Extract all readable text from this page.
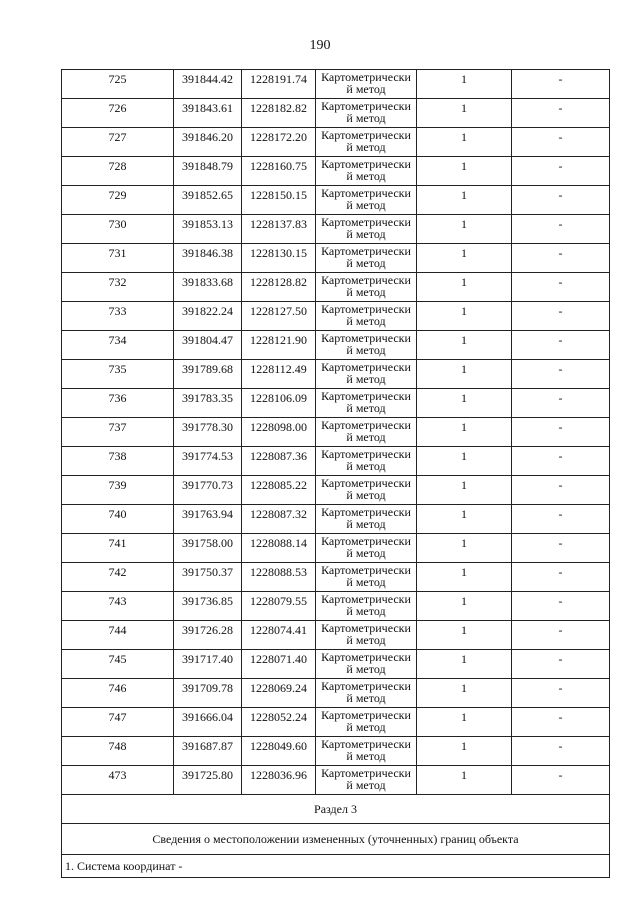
190
725	391844.42	1228191.74	Картометрический метод	1	-
726	391843.61	1228182.82	Картометрический метод	1	-
727	391846.20	1228172.20	Картометрический метод	1	-
728	391848.79	1228160.75	Картометрический метод	1	-
729	391852.65	1228150.15	Картометрический метод	1	-
730	391853.13	1228137.83	Картометрический метод	1	-
731	391846.38	1228130.15	Картометрический метод	1	-
732	391833.68	1228128.82	Картометрический метод	1	-
733	391822.24	1228127.50	Картометрический метод	1	-
734	391804.47	1228121.90	Картометрический метод	1	-
735	391789.68	1228112.49	Картометрический метод	1	-
736	391783.35	1228106.09	Картометрический метод	1	-
737	391778.30	1228098.00	Картометрический метод	1	-
738	391774.53	1228087.36	Картометрический метод	1	-
739	391770.73	1228085.22	Картометрический метод	1	-
740	391763.94	1228087.32	Картометрический метод	1	-
741	391758.00	1228088.14	Картометрический метод	1	-
742	391750.37	1228088.53	Картометрический метод	1	-
743	391736.85	1228079.55	Картометрический метод	1	-
744	391726.28	1228074.41	Картометрический метод	1	-
745	391717.40	1228071.40	Картометрический метод	1	-
746	391709.78	1228069.24	Картометрический метод	1	-
747	391666.04	1228052.24	Картометрический метод	1	-
748	391687.87	1228049.60	Картометрический метод	1	-
473	391725.80	1228036.96	Картометрический метод	1	-
Раздел 3					
Сведения о местоположении измененных (уточненных) границ объекта					
1. Система координат -					
